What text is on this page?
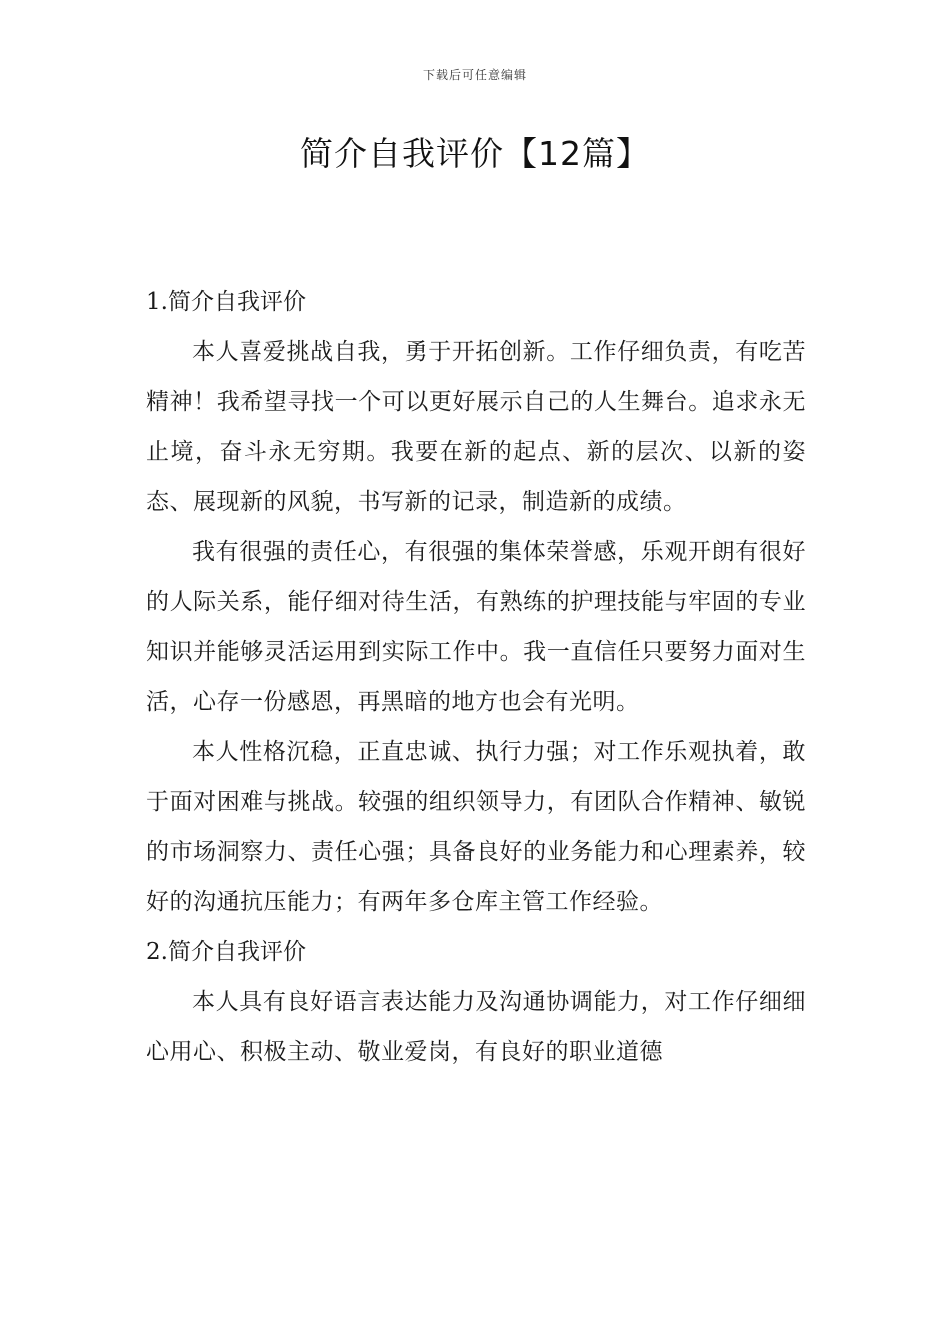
下载后可任意编辑
简介自我评价【12篇】
1.简介自我评价

本人喜爱挑战自我，勇于开拓创新。工作仔细负责，有吃苦精神！我希望寻找一个可以更好展示自己的人生舞台。追求永无止境，奋斗永无穷期。我要在新的起点、新的层次、以新的姿态、展现新的风貌，书写新的记录，制造新的成绩。

我有很强的责任心，有很强的集体荣誉感，乐观开朗有很好的人际关系，能仔细对待生活，有熟练的护理技能与牢固的专业知识并能够灵活运用到实际工作中。我一直信任只要努力面对生活，心存一份感恩，再黑暗的地方也会有光明。

本人性格沉稳，正直忠诚、执行力强；对工作乐观执着，敢于面对困难与挑战。较强的组织领导力，有团队合作精神、敏锐的市场洞察力、责任心强；具备良好的业务能力和心理素养，较好的沟通抗压能力；有两年多仓库主管工作经验。

2.简介自我评价

本人具有良好语言表达能力及沟通协调能力，对工作仔细细心用心、积极主动、敬业爱岗，有良好的职业道德
